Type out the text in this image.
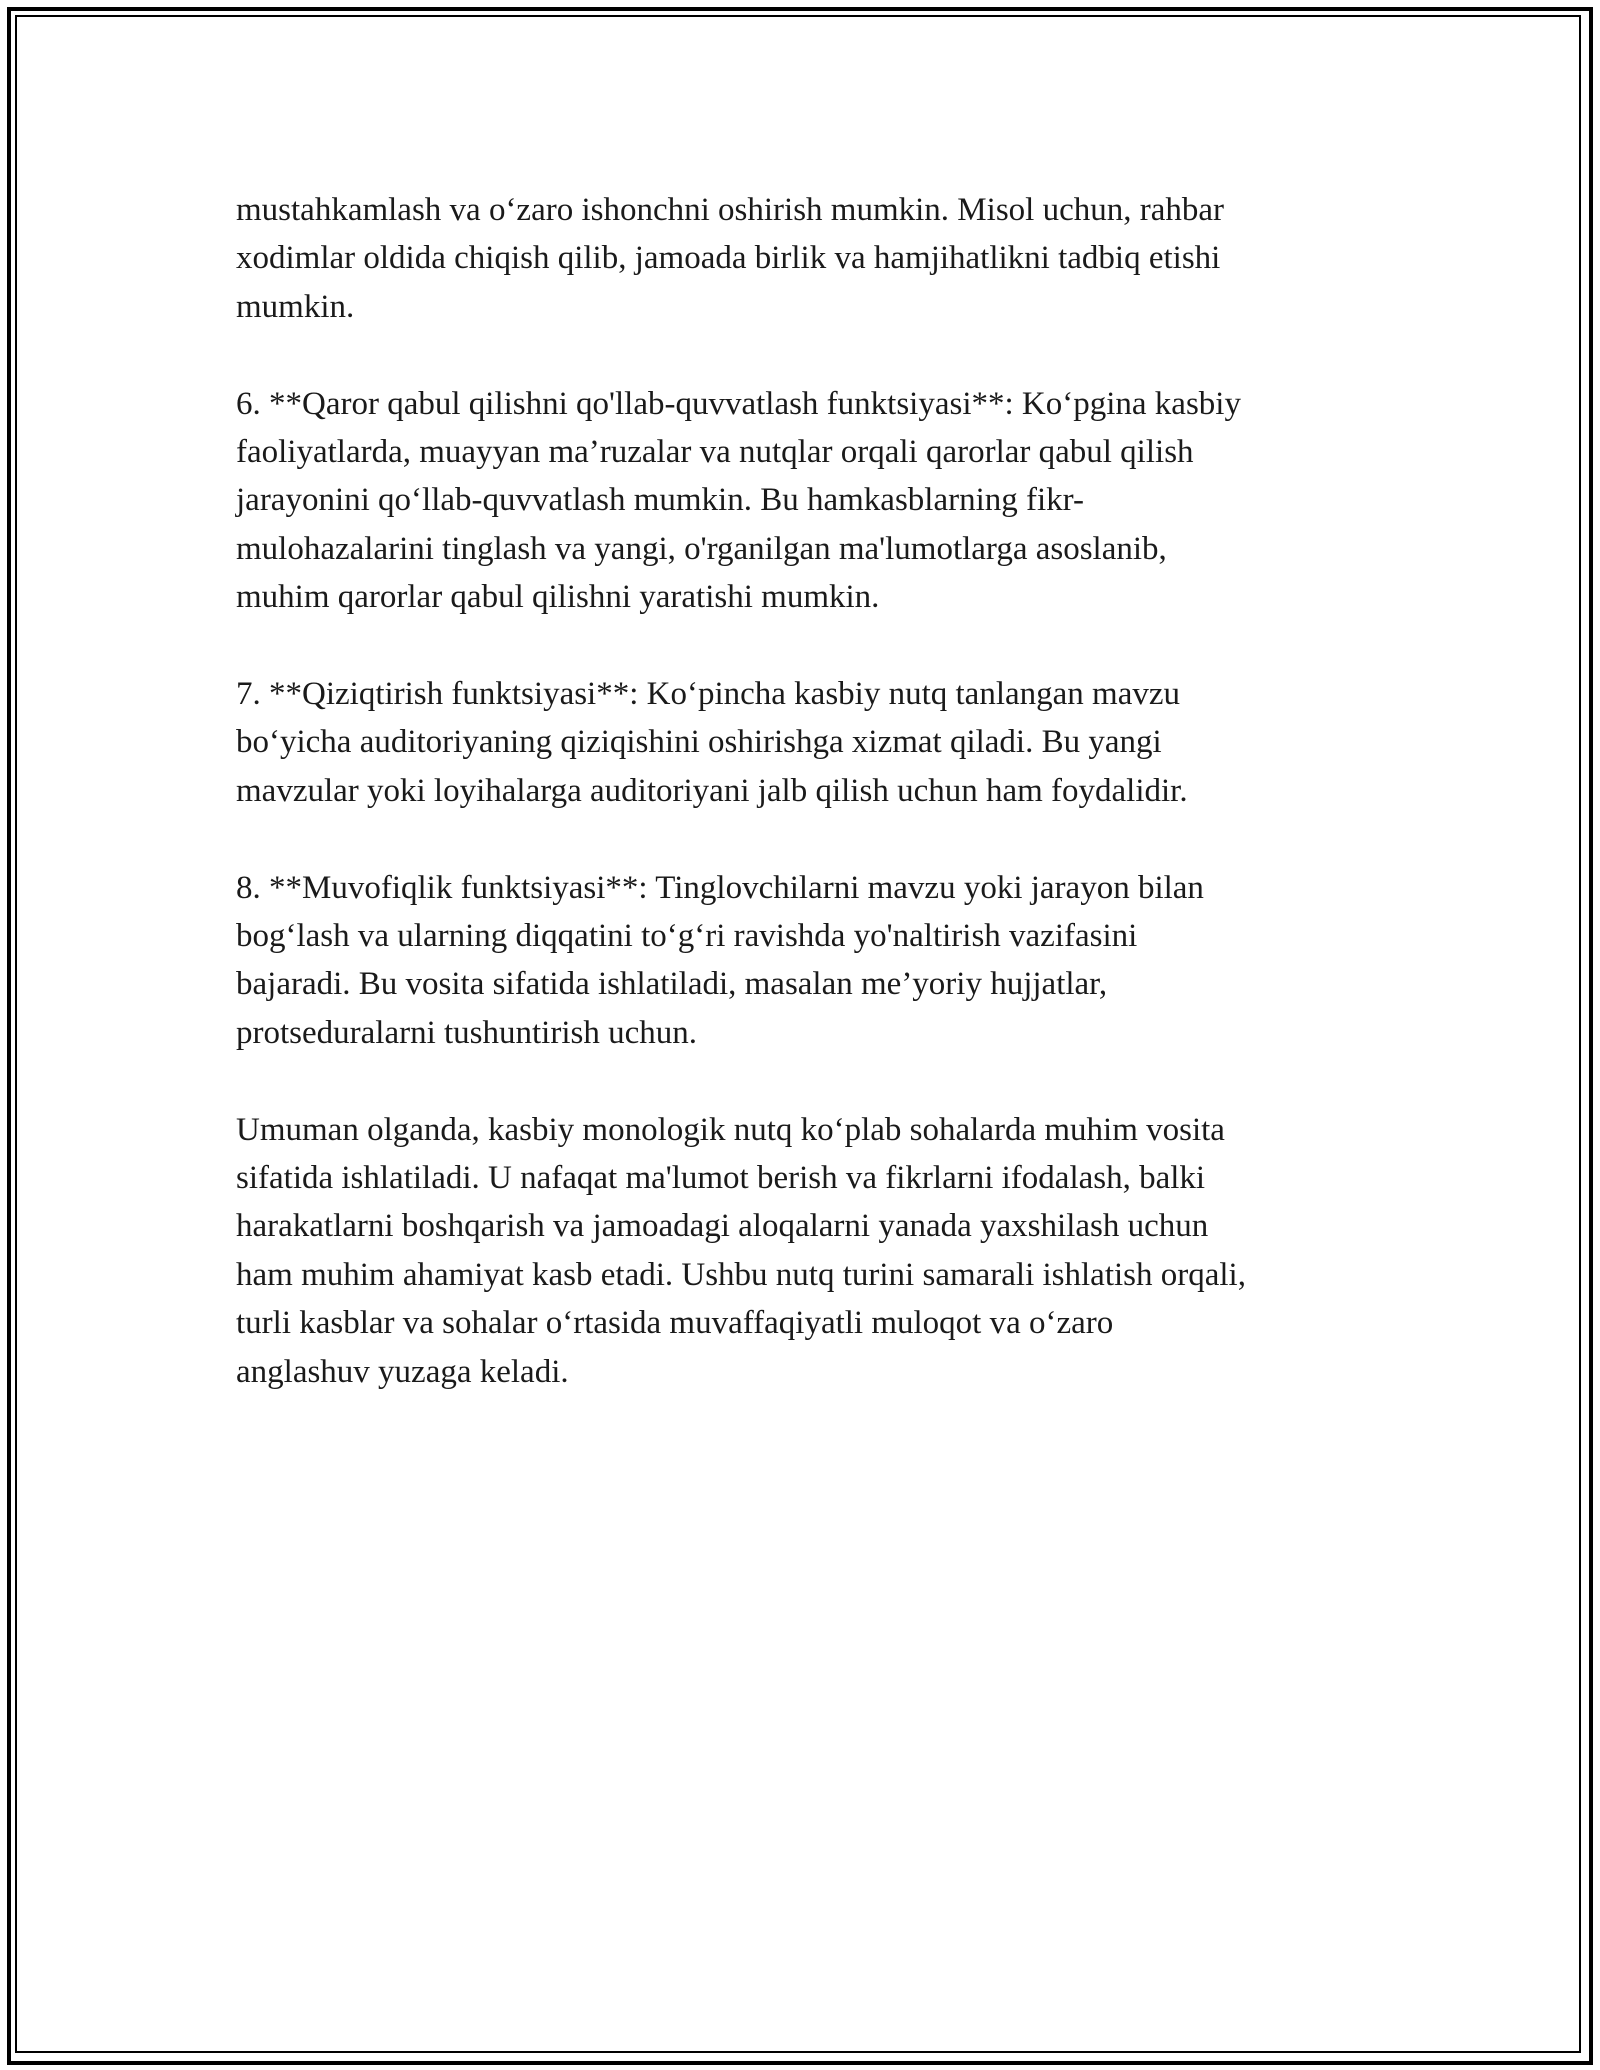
mustahkamlash va o‘zaro ishonchni oshirish mumkin. Misol uchun, rahbar
xodimlar oldida chiqish qilib, jamoada birlik va hamjihatlikni tadbiq etishi
mumkin.

6. **Qaror qabul qilishni qo'llab-quvvatlash funktsiyasi**: Ko‘pgina kasbiy
faoliyatlarda, muayyan ma’ruzalar va nutqlar orqali qarorlar qabul qilish
jarayonini qo‘llab-quvvatlash mumkin. Bu hamkasblarning fikr-
mulohazalarini tinglash va yangi, o'rganilgan ma'lumotlarga asoslanib,
muhim qarorlar qabul qilishni yaratishi mumkin.

7. **Qiziqtirish funktsiyasi**: Ko‘pincha kasbiy nutq tanlangan mavzu
bo‘yicha auditoriyaning qiziqishini oshirishga xizmat qiladi. Bu yangi
mavzular yoki loyihalarga auditoriyani jalb qilish uchun ham foydalidir.

8. **Muvofiqlik funktsiyasi**: Tinglovchilarni mavzu yoki jarayon bilan
bog‘lash va ularning diqqatini to‘g‘ri ravishda yo'naltirish vazifasini
bajaradi. Bu vosita sifatida ishlatiladi, masalan me’yoriy hujjatlar,
protseduralarni tushuntirish uchun.

Umuman olganda, kasbiy monologik nutq ko‘plab sohalarda muhim vosita
sifatida ishlatiladi. U nafaqat ma'lumot berish va fikrlarni ifodalash, balki
harakatlarni boshqarish va jamoadagi aloqalarni yanada yaxshilash uchun
ham muhim ahamiyat kasb etadi. Ushbu nutq turini samarali ishlatish orqali,
turli kasblar va sohalar o‘rtasida muvaffaqiyatli muloqot va o‘zaro
anglashuv yuzaga keladi.
